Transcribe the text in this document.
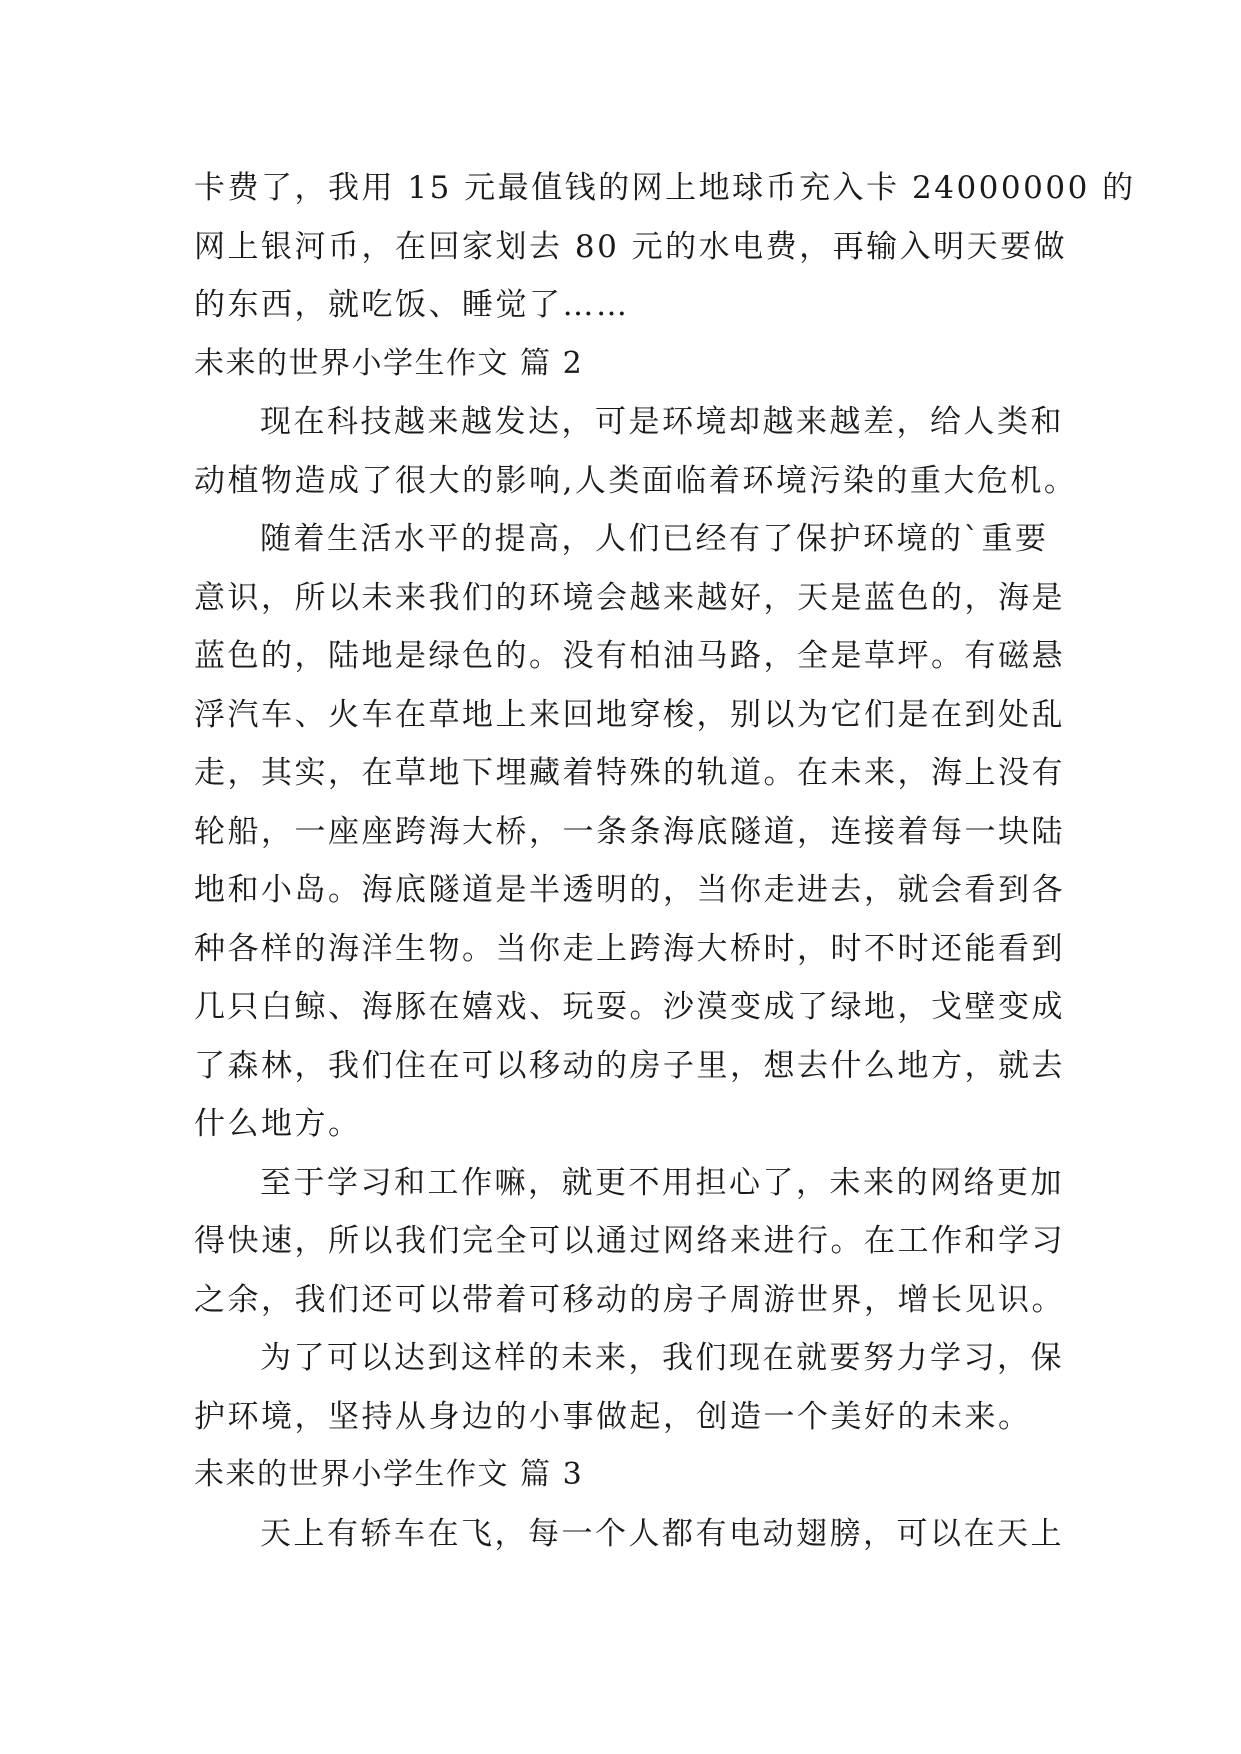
卡费了，我用 15 元最值钱的网上地球币充入卡 24000000 的
网上银河币，在回家划去 80 元的水电费，再输入明天要做
的东西，就吃饭、睡觉了……
未来的世界小学生作文 篇 2
现在科技越来越发达，可是环境却越来越差，给人类和
动植物造成了很大的影响,人类面临着环境污染的重大危机。
随着生活水平的提高，人们已经有了保护环境的`重要
意识，所以未来我们的环境会越来越好，天是蓝色的，海是
蓝色的，陆地是绿色的。没有柏油马路，全是草坪。有磁悬
浮汽车、火车在草地上来回地穿梭，别以为它们是在到处乱
走，其实，在草地下埋藏着特殊的轨道。在未来，海上没有
轮船，一座座跨海大桥，一条条海底隧道，连接着每一块陆
地和小岛。海底隧道是半透明的，当你走进去，就会看到各
种各样的海洋生物。当你走上跨海大桥时，时不时还能看到
几只白鲸、海豚在嬉戏、玩耍。沙漠变成了绿地，戈壁变成
了森林，我们住在可以移动的房子里，想去什么地方，就去
什么地方。
至于学习和工作嘛，就更不用担心了，未来的网络更加
得快速，所以我们完全可以通过网络来进行。在工作和学习
之余，我们还可以带着可移动的房子周游世界，增长见识。
为了可以达到这样的未来，我们现在就要努力学习，保
护环境，坚持从身边的小事做起，创造一个美好的未来。
未来的世界小学生作文 篇 3
天上有轿车在飞，每一个人都有电动翅膀，可以在天上
